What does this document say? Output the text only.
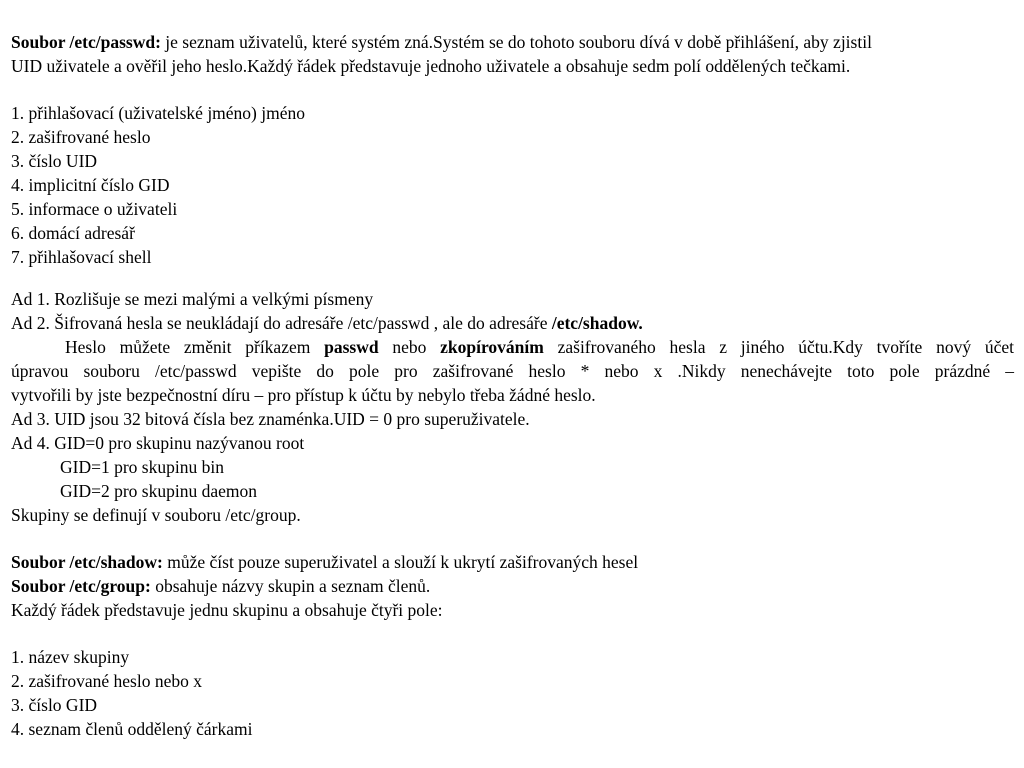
Soubor /etc/passwd: je seznam uživatelů, které systém zná.Systém se do tohoto souboru dívá v době přihlášení, aby zjistil
UID uživatele a ověřil jeho heslo.Každý řádek představuje jednoho uživatele a obsahuje sedm polí oddělených tečkami.
1. přihlašovací (uživatelské jméno) jméno
2. zašifrované heslo
3. číslo UID
4. implicitní číslo GID
5. informace o uživateli
6. domácí adresář
7. přihlašovací shell
Ad 1. Rozlišuje se mezi malými a velkými písmeny
Ad 2. Šifrovaná hesla se neukládají do adresáře /etc/passwd , ale do adresáře /etc/shadow.
Heslo můžete změnit příkazem passwd nebo zkopírováním zašifrovaného hesla z jiného účtu.Kdy tvoříte nový účet
úpravou souboru /etc/passwd vepište do pole pro zašifrované heslo * nebo x .Nikdy nenechávejte toto pole prázdné –
vytvořili by jste bezpečnostní díru – pro přístup k účtu by nebylo třeba žádné heslo.
Ad 3. UID jsou 32 bitová čísla bez znaménka.UID = 0 pro superuživatele.
Ad 4. GID=0 pro skupinu nazývanou root
GID=1 pro skupinu bin
GID=2 pro skupinu daemon
Skupiny se definují v souboru /etc/group.
Soubor /etc/shadow: může číst pouze superuživatel a slouží k ukrytí zašifrovaných hesel
Soubor /etc/group: obsahuje názvy skupin a seznam členů.
Každý řádek představuje jednu skupinu a obsahuje čtyři pole:
1. název skupiny
2. zašifrované heslo nebo x
3. číslo GID
4. seznam členů oddělený čárkami
